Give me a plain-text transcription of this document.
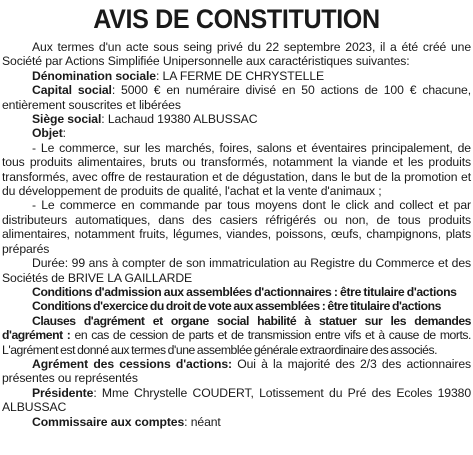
AVIS DE CONSTITUTION

Aux termes d'un acte sous seing privé du 22 septembre 2023, il a été créé une Société par Actions Simplifiée Unipersonnelle aux caractéristiques suivantes:

Dénomination sociale: LA FERME DE CHRYSTELLE

Capital social: 5000 € en numéraire divisé en 50 actions de 100 € chacune, entièrement souscrites et libérées

Siège social: Lachaud 19380 ALBUSSAC

Objet:

- Le commerce, sur les marchés, foires, salons et éventaires principalement, de tous produits alimentaires, bruts ou transformés, notamment la viande et les produits transformés, avec offre de restauration et de dégustation, dans le but de la promotion et du développement de produits de qualité, l'achat et la vente d'animaux ;

- Le commerce en commande par tous moyens dont le click and collect et par distributeurs automatiques, dans des casiers réfrigérés ou non, de tous produits alimentaires, notamment fruits, légumes, viandes, poissons, œufs, champignons, plats préparés

Durée: 99 ans à compter de son immatriculation au Registre du Commerce et des Sociétés de BRIVE LA GAILLARDE

Conditions d'admission aux assemblées d'actionnaires : être titulaire d'actions

Conditions d'exercice du droit de vote aux assemblées : être titulaire d'actions

Clauses d'agrément et organe social habilité à statuer sur les demandes d'agrément : en cas de cession de parts et de transmission entre vifs et à cause de morts. L'agrément est donné aux termes d'une assemblée générale extraordinaire des associés.

Agrément des cessions d'actions: Oui à la majorité des 2/3 des actionnaires présentes ou représentés

Présidente: Mme Chrystelle COUDERT, Lotissement du Pré des Ecoles 19380 ALBUSSAC

Commissaire aux comptes: néant
